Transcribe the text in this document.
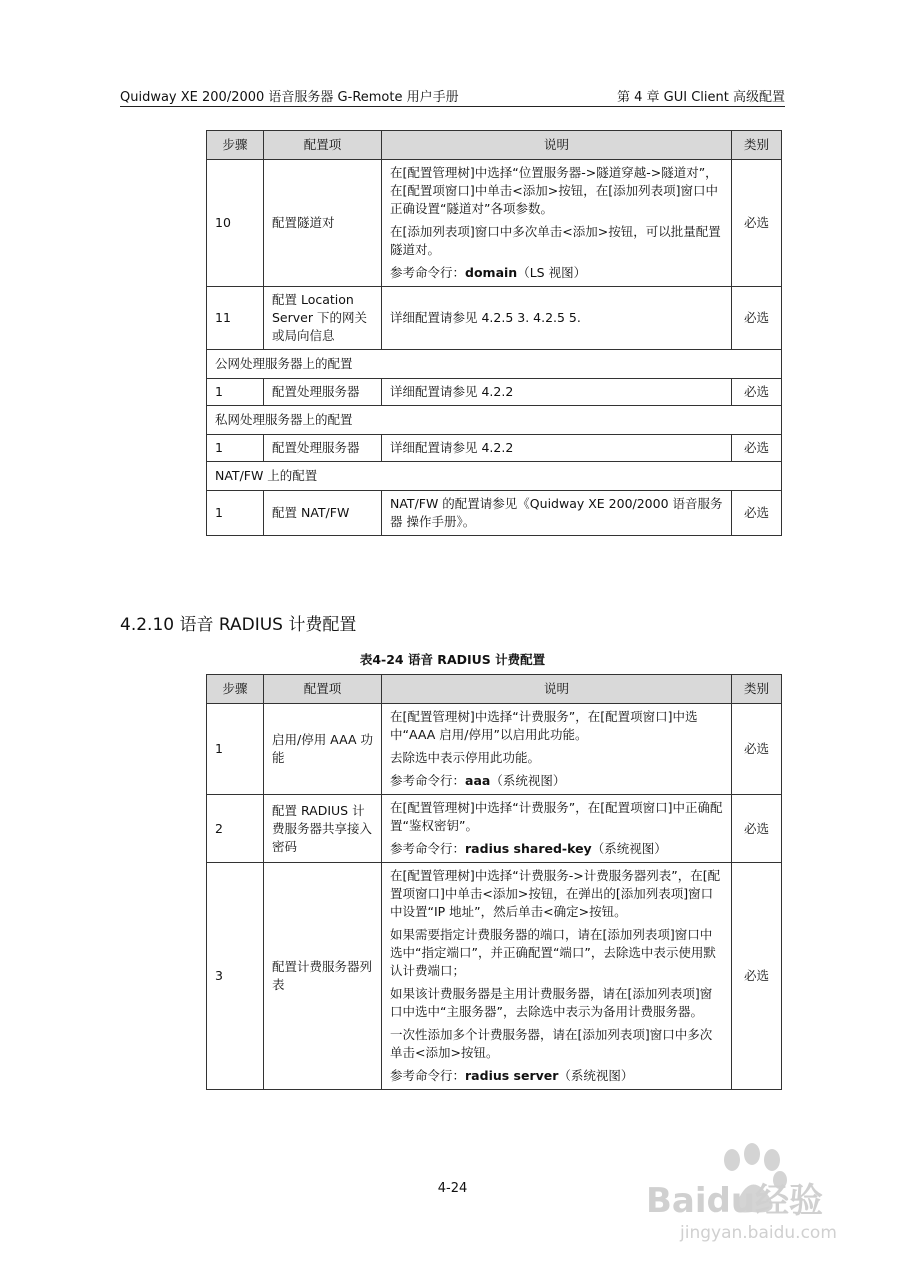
Quidway XE 200/2000 语音服务器 G-Remote 用户手册	第 4 章 GUI Client 高级配置
步骤	配置项	说明	类别
10	配置隧道对	在[配置管理树]中选择“位置服务器->隧道穿越->隧道对”，在[配置项窗口]中单击<添加>按钮，在[添加列表项]窗口中正确设置“隧道对”各项参数。

在[添加列表项]窗口中多次单击<添加>按钮，可以批量配置隧道对。

参考命令行：domain（LS 视图）	必选
11	配置 Location Server 下的网关或局向信息	详细配置请参见 4.2.5 3. 4.2.5 5.	必选
公网处理服务器上的配置			
1	配置处理服务器	详细配置请参见 4.2.2	必选
私网处理服务器上的配置			
1	配置处理服务器	详细配置请参见 4.2.2	必选
NAT/FW 上的配置			
1	配置 NAT/FW	NAT/FW 的配置请参见《Quidway XE 200/2000 语音服务器 操作手册》。	必选
4.2.10 语音 RADIUS 计费配置
表4-24 语音 RADIUS 计费配置
步骤	配置项	说明	类别
1	启用/停用 AAA 功能	在[配置管理树]中选择“计费服务”，在[配置项窗口]中选中“AAA 启用/停用”以启用此功能。

去除选中表示停用此功能。

参考命令行：aaa（系统视图）	必选
2	配置 RADIUS 计费服务器共享接入密码	在[配置管理树]中选择“计费服务”，在[配置项窗口]中正确配置“鉴权密钥”。

参考命令行：radius shared-key（系统视图）	必选
3	配置计费服务器列表	在[配置管理树]中选择“计费服务->计费服务器列表”，在[配置项窗口]中单击<添加>按钮，在弹出的[添加列表项]窗口中设置“IP 地址”，然后单击<确定>按钮。

如果需要指定计费服务器的端口，请在[添加列表项]窗口中选中“指定端口”，并正确配置“端口”，去除选中表示使用默认计费端口；

如果该计费服务器是主用计费服务器，请在[添加列表项]窗口中选中“主服务器”，去除选中表示为备用计费服务器。

一次性添加多个计费服务器，请在[添加列表项]窗口中多次单击<添加>按钮。

参考命令行：radius server（系统视图）	必选
4-24	Baidu经验
jingyan.baidu.com
